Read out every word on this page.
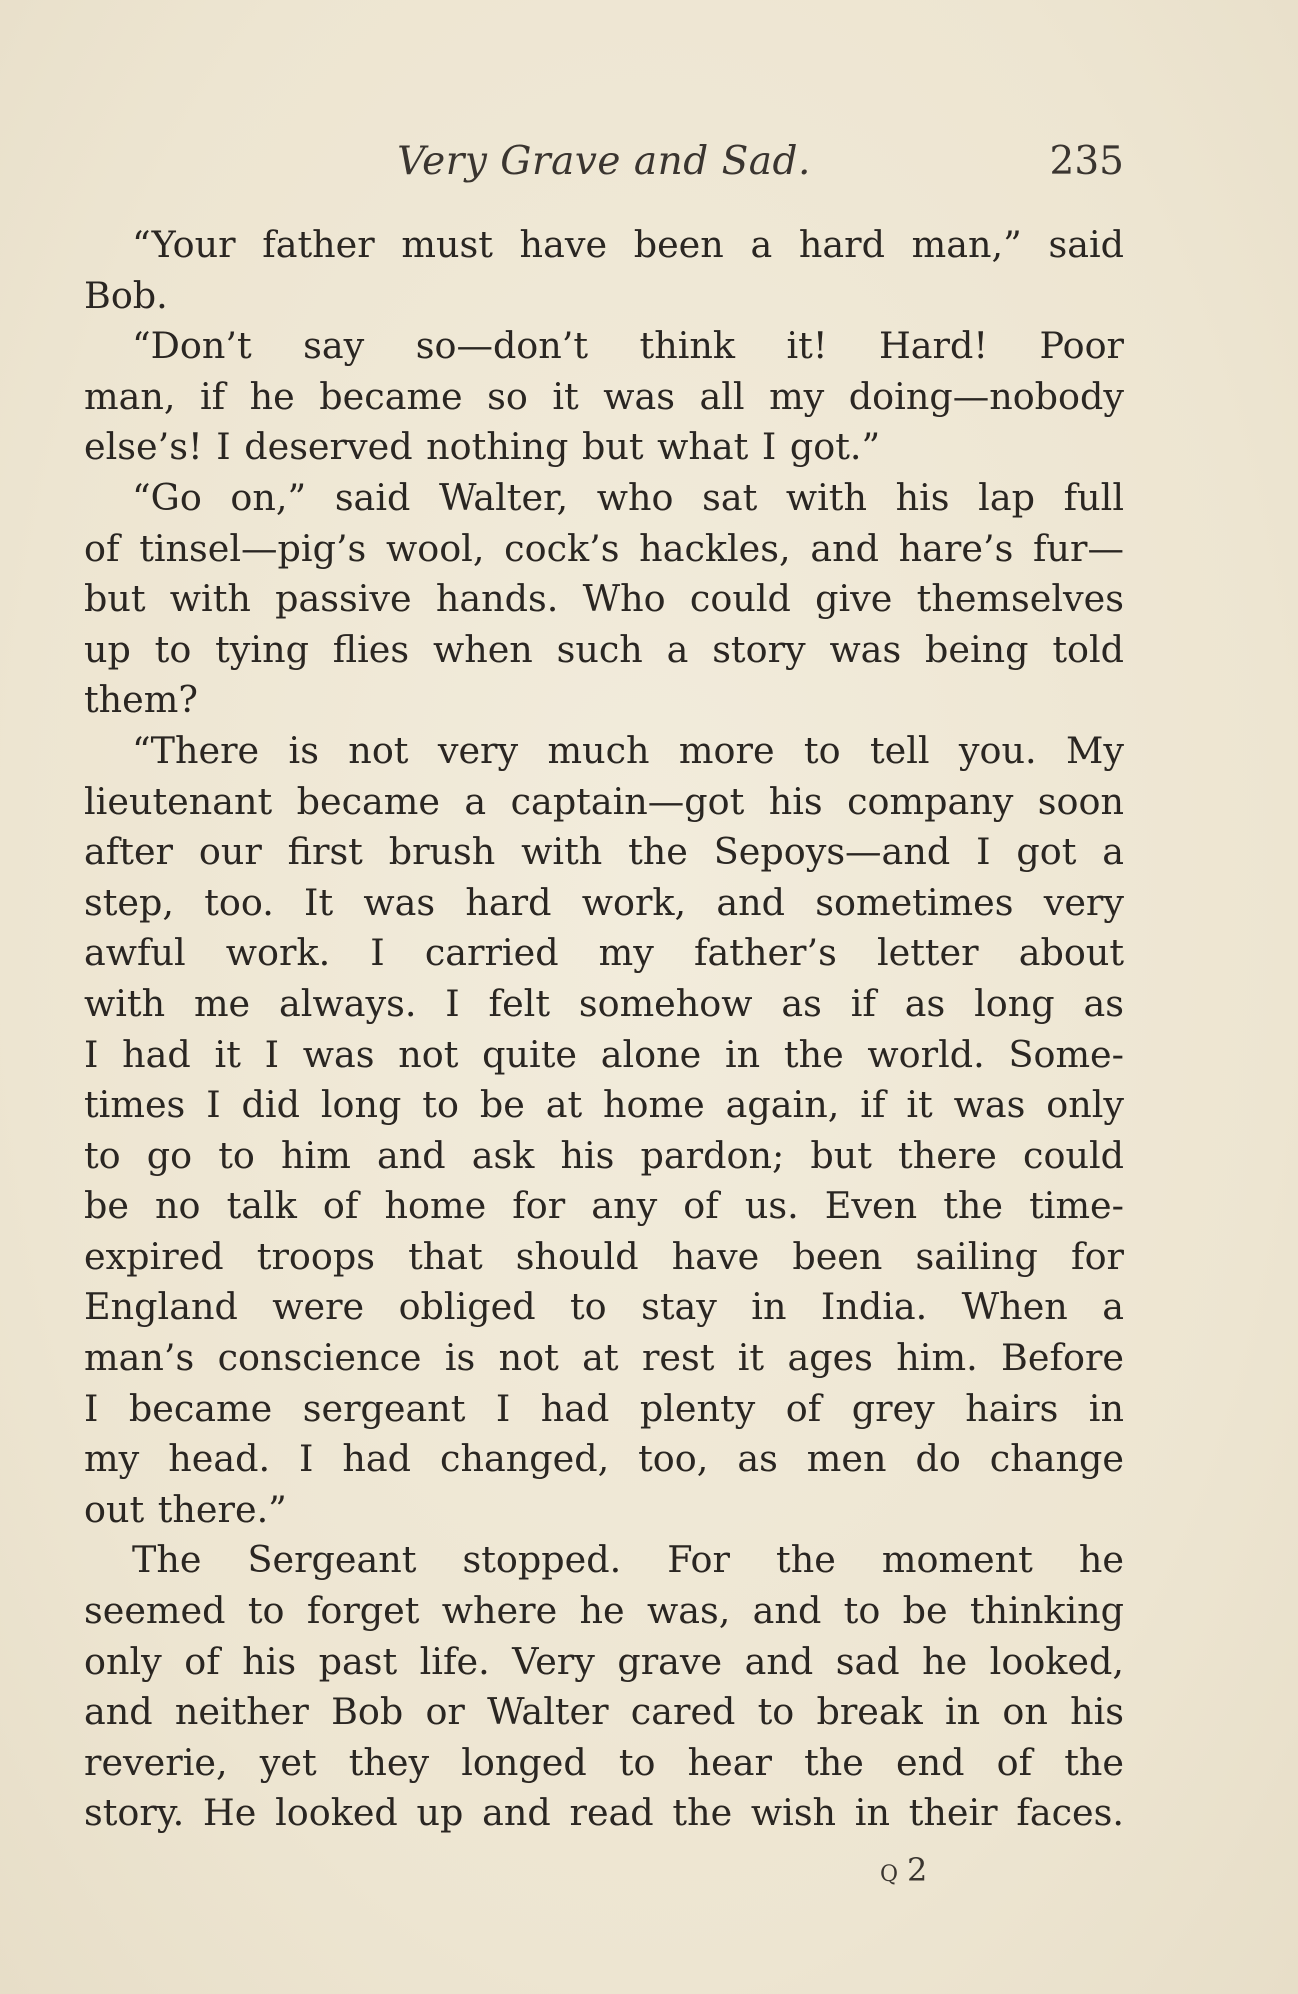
Very Grave and Sad.	235
“Your father must have been a hard man,” said
Bob.
“Don’t say so—don’t think it! Hard! Poor
man, if he became so it was all my doing—nobody
else’s! I deserved nothing but what I got.”
“Go on,” said Walter, who sat with his lap full
of tinsel—pig’s wool, cock’s hackles, and hare’s fur—
but with passive hands. Who could give themselves
up to tying flies when such a story was being told
them?
“There is not very much more to tell you. My
lieutenant became a captain—got his company soon
after our first brush with the Sepoys—and I got a
step, too. It was hard work, and sometimes very
awful work. I carried my father’s letter about
with me always. I felt somehow as if as long as
I had it I was not quite alone in the world. Some-
times I did long to be at home again, if it was only
to go to him and ask his pardon; but there could
be no talk of home for any of us. Even the time-
expired troops that should have been sailing for
England were obliged to stay in India. When a
man’s conscience is not at rest it ages him. Before
I became sergeant I had plenty of grey hairs in
my head. I had changed, too, as men do change
out there.”
The Sergeant stopped. For the moment he
seemed to forget where he was, and to be thinking
only of his past life. Very grave and sad he looked,
and neither Bob or Walter cared to break in on his
reverie, yet they longed to hear the end of the
story. He looked up and read the wish in their faces.
Q 2
